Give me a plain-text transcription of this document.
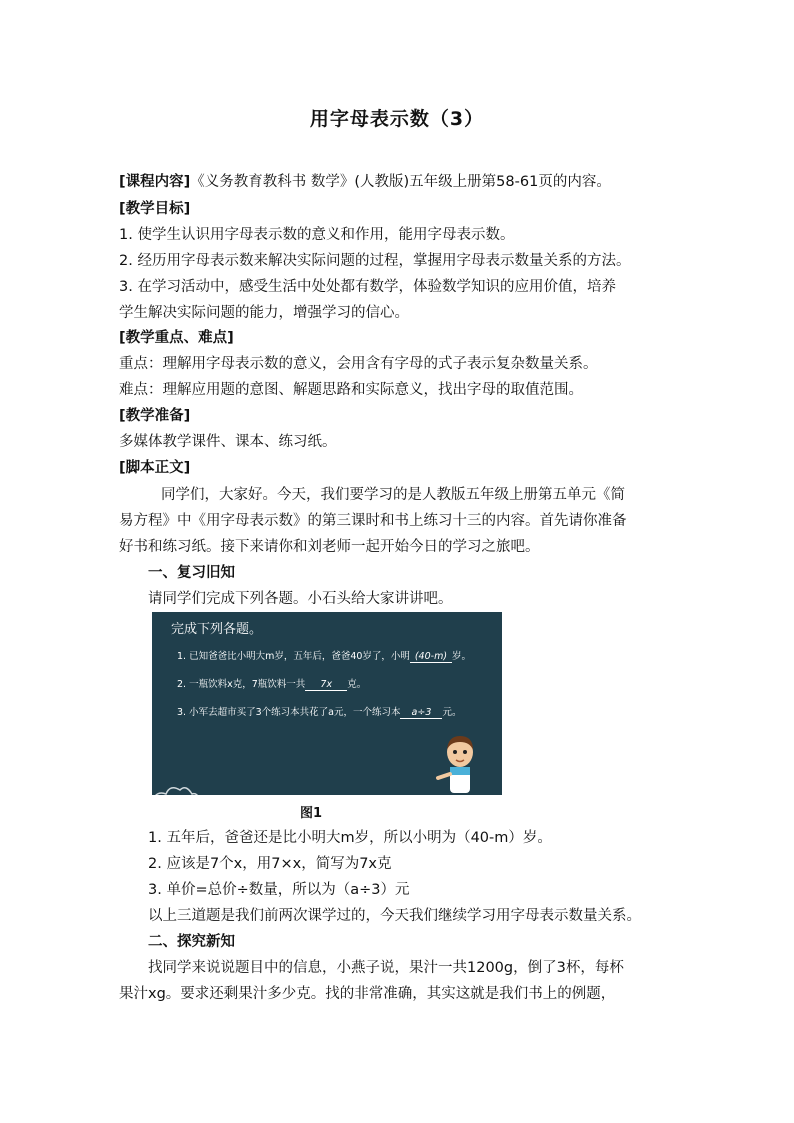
用字母表示数（3）
[课程内容]《义务教育教科书 数学》(人教版)五年级上册第58-61页的内容。
[教学目标]
1. 使学生认识用字母表示数的意义和作用，能用字母表示数。
2. 经历用字母表示数来解决实际问题的过程，掌握用字母表示数量关系的方法。
3. 在学习活动中，感受生活中处处都有数学，体验数学知识的应用价值，培养
学生解决实际问题的能力，增强学习的信心。
[教学重点、难点]
重点：理解用字母表示数的意义，会用含有字母的式子表示复杂数量关系。
难点：理解应用题的意图、解题思路和实际意义，找出字母的取值范围。
[教学准备]
多媒体教学课件、课本、练习纸。
[脚本正文]
同学们，大家好。今天，我们要学习的是人教版五年级上册第五单元《简
易方程》中《用字母表示数》的第三课时和书上练习十三的内容。首先请你准备
好书和练习纸。接下来请你和刘老师一起开始今日的学习之旅吧。
一、复习旧知
请同学们完成下列各题。小石头给大家讲讲吧。
完成下列各题。
1. 已知爸爸比小明大m岁，五年后，爸爸40岁了，小明 (40-m) 岁。
2. 一瓶饮料x克，7瓶饮料一共 7x 克。
3. 小军去超市买了3个练习本共花了a元，一个练习本 a÷3 元。
图1
1. 五年后，爸爸还是比小明大m岁，所以小明为（40-m）岁。
2. 应该是7个x，用7×x，简写为7x克
3. 单价=总价÷数量，所以为（a÷3）元
以上三道题是我们前两次课学过的，今天我们继续学习用字母表示数量关系。
二、探究新知
找同学来说说题目中的信息，小燕子说，果汁一共1200g，倒了3杯，每杯
果汁xg。要求还剩果汁多少克。找的非常准确，其实这就是我们书上的例题，
